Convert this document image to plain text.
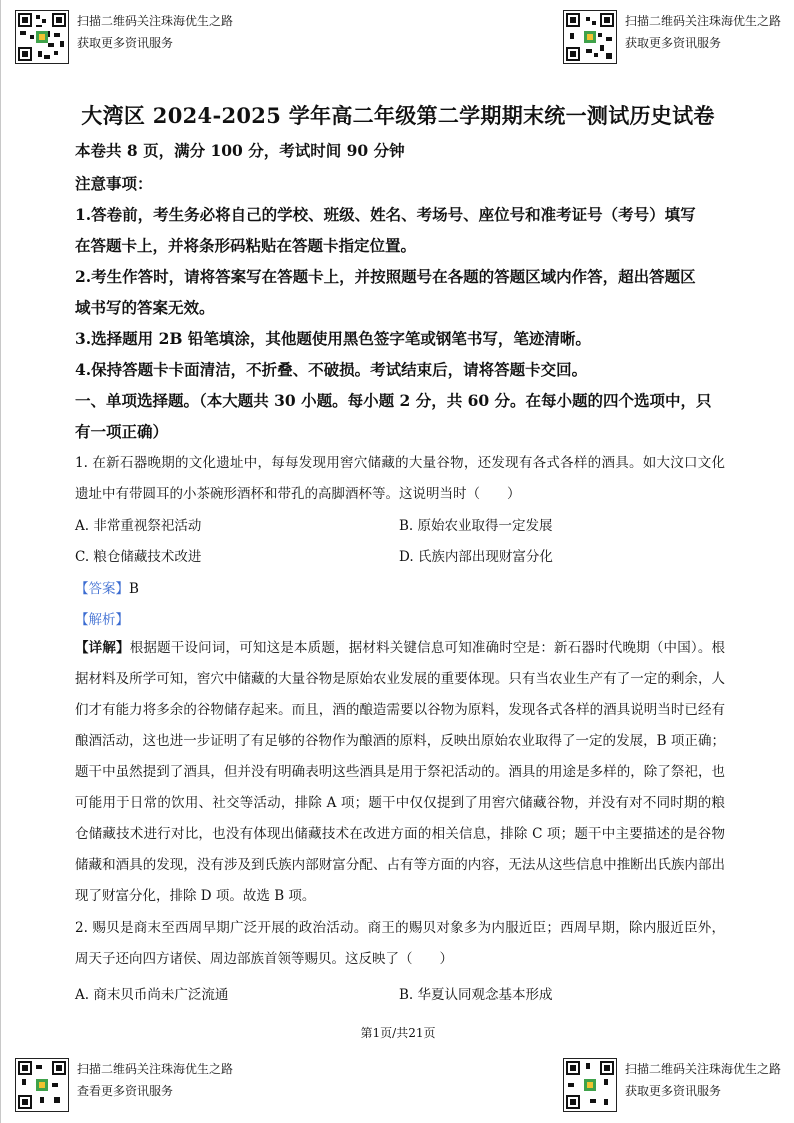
扫描二维码关注珠海优生之路
获取更多资讯服务
扫描二维码关注珠海优生之路
获取更多资讯服务
大湾区 2024-2025 学年高二年级第二学期期末统一测试历史试卷
本卷共 8 页，满分 100 分，考试时间 90 分钟
注意事项：
1.答卷前，考生务必将自己的学校、班级、姓名、考场号、座位号和准考证号（考号）填写
在答题卡上，并将条形码粘贴在答题卡指定位置。
2.考生作答时，请将答案写在答题卡上，并按照题号在各题的答题区域内作答，超出答题区
域书写的答案无效。
3.选择题用 2B 铅笔填涂，其他题使用黑色签字笔或钢笔书写，笔迹清晰。
4.保持答题卡卡面清洁，不折叠、不破损。考试结束后，请将答题卡交回。
一、单项选择题。（本大题共 30 小题。每小题 2 分，共 60 分。在每小题的四个选项中，只
有一项正确）
1. 在新石器晚期的文化遗址中，每每发现用窖穴储藏的大量谷物，还发现有各式各样的酒具。如大汶口文化遗址中有带圆耳的小茶碗形酒杯和带孔的高脚酒杯等。这说明当时（　　）
A. 非常重视祭祀活动	B. 原始农业取得一定发展
C. 粮仓储藏技术改进	D. 氏族内部出现财富分化
【答案】B
【解析】
【详解】根据题干设问词，可知这是本质题，据材料关键信息可知准确时空是：新石器时代晚期（中国）。根据材料及所学可知，窖穴中储藏的大量谷物是原始农业发展的重要体现。只有当农业生产有了一定的剩余，人们才有能力将多余的谷物储存起来。而且，酒的酿造需要以谷物为原料，发现各式各样的酒具说明当时已经有酿酒活动，这也进一步证明了有足够的谷物作为酿酒的原料，反映出原始农业取得了一定的发展，B 项正确；题干中虽然提到了酒具，但并没有明确表明这些酒具是用于祭祀活动的。酒具的用途是多样的，除了祭祀，也可能用于日常的饮用、社交等活动，排除 A 项；题干中仅仅提到了用窖穴储藏谷物，并没有对不同时期的粮仓储藏技术进行对比，也没有体现出储藏技术在改进方面的相关信息，排除 C 项；题干中主要描述的是谷物储藏和酒具的发现，没有涉及到氏族内部财富分配、占有等方面的内容，无法从这些信息中推断出氏族内部出现了财富分化，排除 D 项。故选 B 项。
2. 赐贝是商末至西周早期广泛开展的政治活动。商王的赐贝对象多为内服近臣；西周早期，除内服近臣外，周天子还向四方诸侯、周边部族首领等赐贝。这反映了（　　）
A. 商末贝币尚未广泛流通	B. 华夏认同观念基本形成
第1页/共21页
扫描二维码关注珠海优生之路
查看更多资讯服务
扫描二维码关注珠海优生之路
获取更多资讯服务
